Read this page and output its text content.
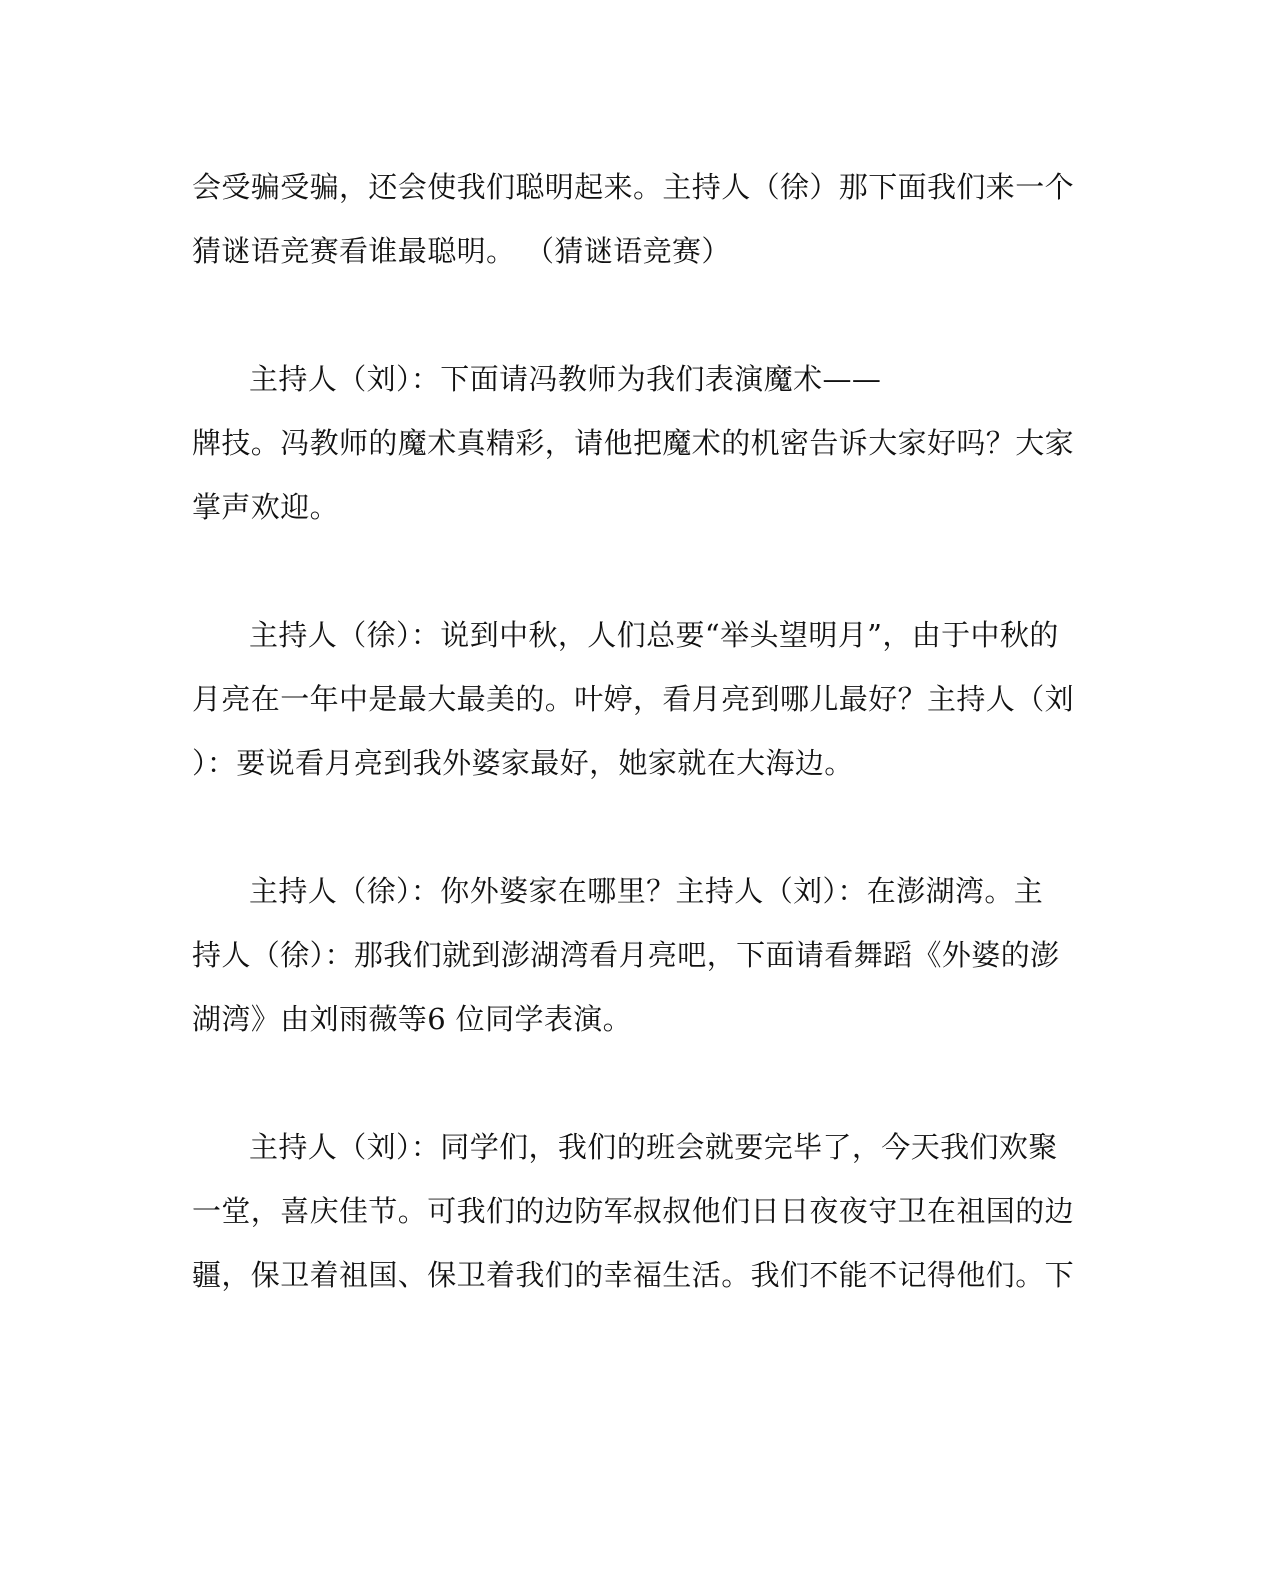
会受骗受骗，还会使我们聪明起来。主持人（徐）那下面我们来一个
猜谜语竞赛看谁最聪明。 （猜谜语竞赛）
主持人（刘）：下面请冯教师为我们表演魔术——
牌技。冯教师的魔术真精彩，请他把魔术的机密告诉大家好吗？大家
掌声欢迎。
主持人（徐）：说到中秋，人们总要“举头望明月”，由于中秋的
月亮在一年中是最大最美的。叶婷，看月亮到哪儿最好？主持人（刘
）：要说看月亮到我外婆家最好，她家就在大海边。
主持人（徐）：你外婆家在哪里？主持人（刘）：在澎湖湾。主
持人（徐）：那我们就到澎湖湾看月亮吧，下面请看舞蹈《外婆的澎
湖湾》由刘雨薇等6 位同学表演。
主持人（刘）：同学们，我们的班会就要完毕了，今天我们欢聚
一堂，喜庆佳节。可我们的边防军叔叔他们日日夜夜守卫在祖国的边
疆，保卫着祖国、保卫着我们的幸福生活。我们不能不记得他们。下
